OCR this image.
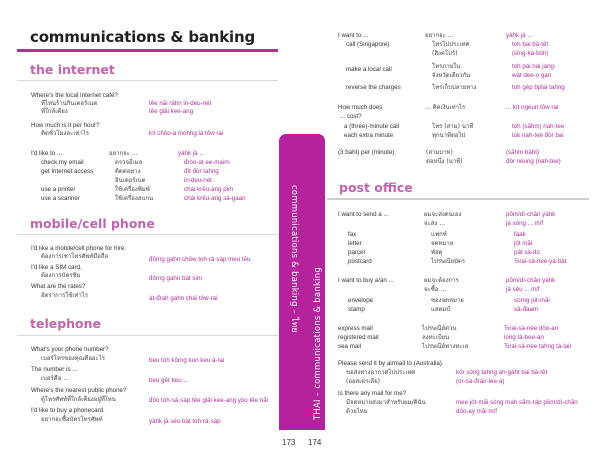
communications & banking
the internet
Where's the local Internet café?
ที่ไหนร้านกินเตอร์เนต	têe năi ráhn in-deu-nét
ที่ใกล้เคียง	têe glâi kee-ang
How much is it per hour?
คิดชั่วโมงละเท่าไร	kít chôo-a mohng lá tôw rai
I'd like to ...	อยากจะ ...	yàhk jà ...
check my email	ตรวจอีเมล	đròo-at ee-mairn
get Internet access	ติดต่อทาง	đìt đòr tahng
อินเตอร์เนต	in-deu-nét
use a printer	ใช้เครื่องพิมพ์	chái krêu-ang pim
use a scanner	ใช้เครื่องสแกน	chái krêu-ang sà-gaan
mobile/cell phone
I'd like a mobile/cell phone for hire.
ต้องการเช่าโทรศัพท์มือถือ	đôrng gahn chôw toh·rá·sàp meu tĕu
I'd like a SIM card.
ต้องการบัตรซิม	đôrng gahn bàt sim
What are the rates?
อัตราการใช้เท่าไร	àt-đrah gahn chái tôw-rai
telephone
What's your phone number?
เบอร์โทรของคุณคืออะไร	beu toh kŏrng kun keu à-rai
The number is ...
เบอร์คือ ...	beu gĕr keu ...
Where's the nearest public phone?
ตู้โทรศัพท์ที่ใกล้เคียงอยู่ที่ไหน	đôo toh·sà·sàp têe glâi kee-ang yòo têe năi
I'd like to buy a phonecard.
อยากจะซื้อบัตรโทรศัพท์	yàhk jà séu bàt toh·rá·sàp
communications & banking – ไทย
THAI – communications & banking
173 174
I want to ...	อยากจะ ...	yàhk jà ...
call (Singapore)	โทรไปประเทศ	toh bai bà-tèt
(สิงคโปร์)	(sǐng-kà-bòh)
make a local call	โทรภายใน	toh pai nai jang-
จังหวัดเดียวกัน	wàt dee-o gan
reverse the charges	โทรเก็บปลายทาง	toh gèp bplai tahng
How much does	... คิดเงินเท่าไร	... kít ngeun tôw rai
... cost?
a (three)-minute call	โทร (สาม) นาที	toh (săhm) nah-tee
each extra minute	ทุกนาทีต่อไป	túk nah-tee đòr bai
(3 baht) per (minute).	(สามบาท)	(săhm bàht)
ต่อหนึ่ง (นาที)	đòr nèung (nah-tee)
post office
I want to send a ...	ผมจะส่งตนเอง	pŏm/dì-chăn yàhk
จะส่ง ...	jà sòng ... m/f
fax	แฟกซ์	fàak
letter	จดหมาย	jòt măi
parcel	พัสดุ	pát sà-dù
postcard	ไปรษณียบัตร	Ђrai-sà-nee-yá-bàt
I want to buy a/an ...	ผมจะต้องการ	pŏm/dì-chăn yàhk
จะซื้อ ...	jà séu ... m/f
envelope	ซองจดหมาย	sorng jòt-măi
stamp	แสตมป์	sà-đaam
express mail	ไปรษณีย์ด่วน	Ђrai-sà-nee dòo-an
registered mail	ลงทะเบียน	long tá-bee-an
sea mail	ไปรษณีย์ทางทะเล	Ђrai-sà-nee tahng tá-lair
Please send it by airmail to (Australia).
ขอส่งทางอากาศไปประเทศ	kŏr sòng tahng ah-gàht bai bà-têt
(ออสเตรเลีย)	(or-sà-đrair-lee-a)
Is there any mail for me?
มีจดหมายส่งมาสำหรับผม/ดิฉัน	mee jòt-măi sòng mah săm-ràp pŏm/dì-chăn
ด้วยไหม	dôo-ay măi m/f
